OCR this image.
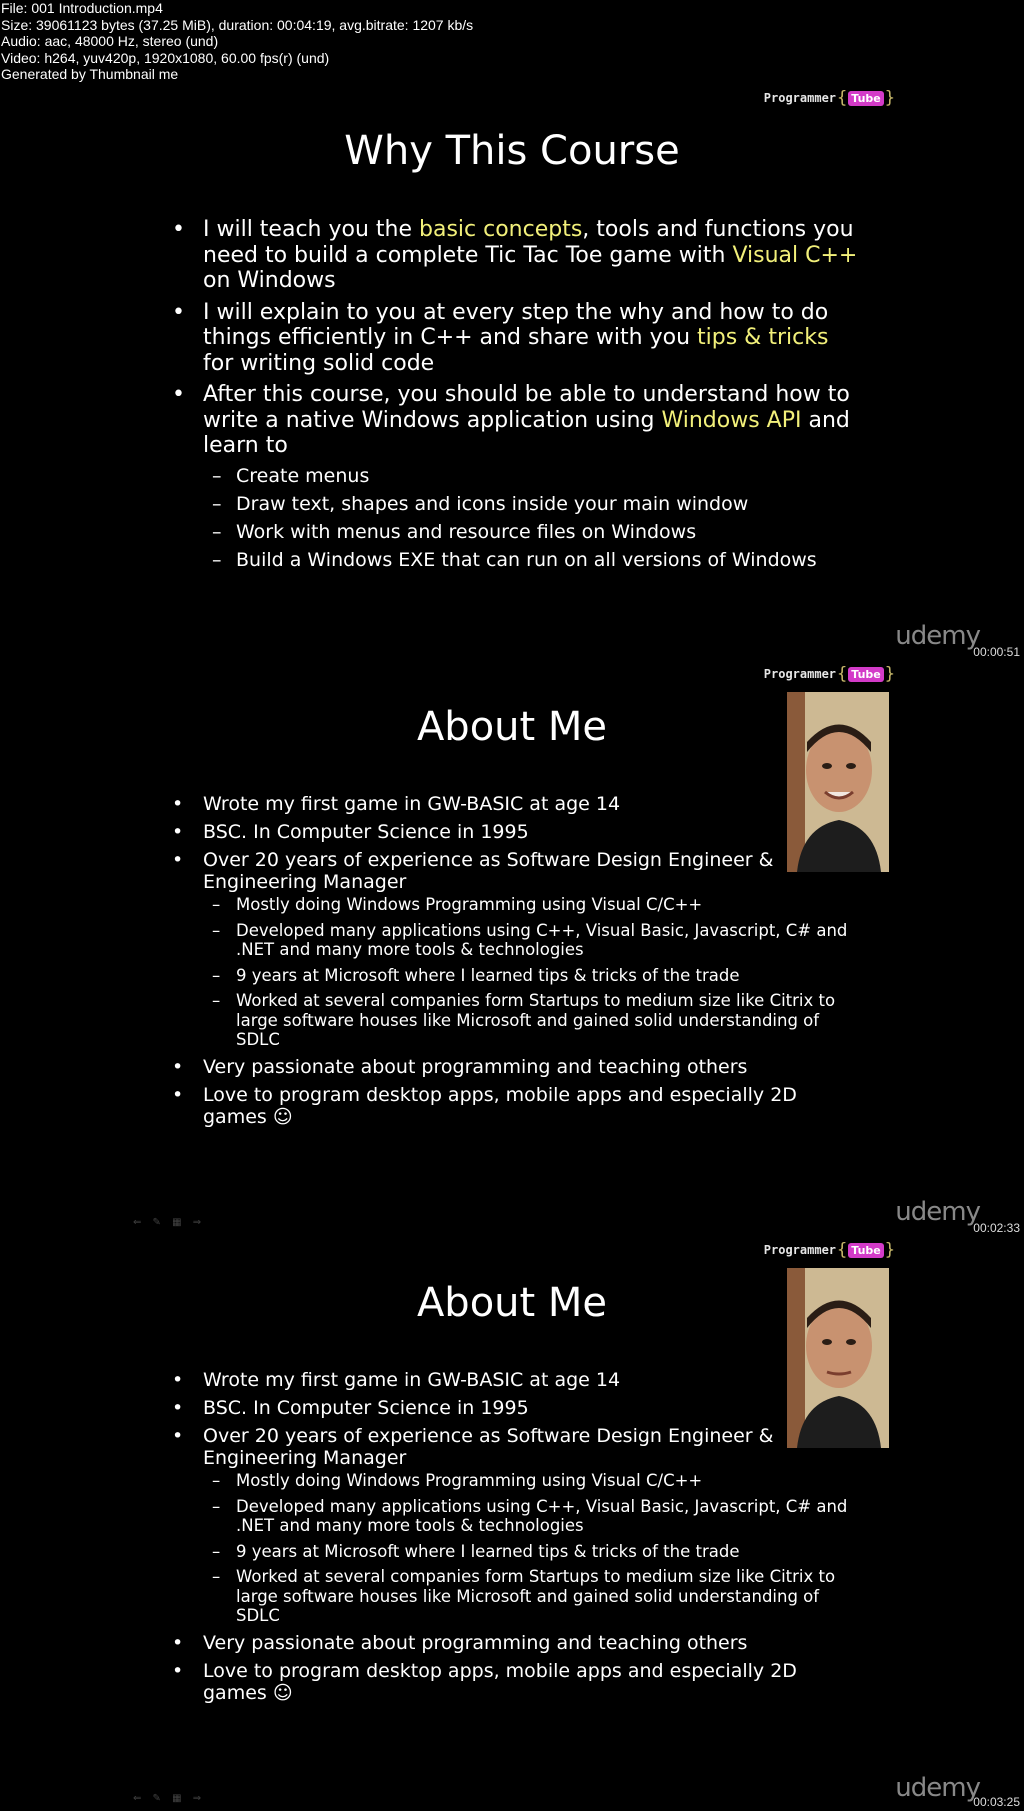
File: 001 Introduction.mp4
Size: 39061123 bytes (37.25 MiB), duration: 00:04:19, avg.bitrate: 1207 kb/s
Audio: aac, 48000 Hz, stereo (und)
Video: h264, yuv420p, 1920x1080, 60.00 fps(r) (und)
Generated by Thumbnail me
Programmer { Tube }
Why This Course
• I will teach you the basic concepts, tools and functions you need to build a complete Tic Tac Toe game with Visual C++ on Windows
• I will explain to you at every step the why and how to do things efficiently in C++ and share with you tips & tricks for writing solid code
• After this course, you should be able to understand how to write a native Windows application using Windows API and learn to
– Create menus
– Draw text, shapes and icons inside your main window
– Work with menus and resource files on Windows
– Build a Windows EXE that can run on all versions of Windows
udemy
00:00:51
Programmer { Tube }
About Me
• Wrote my first game in GW-BASIC at age 14
• BSC. In Computer Science in 1995
• Over 20 years of experience as Software Design Engineer & Engineering Manager
– Mostly doing Windows Programming using Visual C/C++
– Developed many applications using C++, Visual Basic, Javascript, C# and .NET and many more tools & technologies
– 9 years at Microsoft where I learned tips & tricks of the trade
– Worked at several companies form Startups to medium size like Citrix to large software houses like Microsoft and gained solid understanding of SDLC
• Very passionate about programming and teaching others
• Love to program desktop apps, mobile apps and especially 2D games ☺
⇐ ✎ ▦ ⇒	udemy
00:02:33
Programmer { Tube }
About Me
• Wrote my first game in GW-BASIC at age 14
• BSC. In Computer Science in 1995
• Over 20 years of experience as Software Design Engineer & Engineering Manager
– Mostly doing Windows Programming using Visual C/C++
– Developed many applications using C++, Visual Basic, Javascript, C# and .NET and many more tools & technologies
– 9 years at Microsoft where I learned tips & tricks of the trade
– Worked at several companies form Startups to medium size like Citrix to large software houses like Microsoft and gained solid understanding of SDLC
• Very passionate about programming and teaching others
• Love to program desktop apps, mobile apps and especially 2D games ☺
⇐ ✎ ▦ ⇒	udemy
00:03:25
